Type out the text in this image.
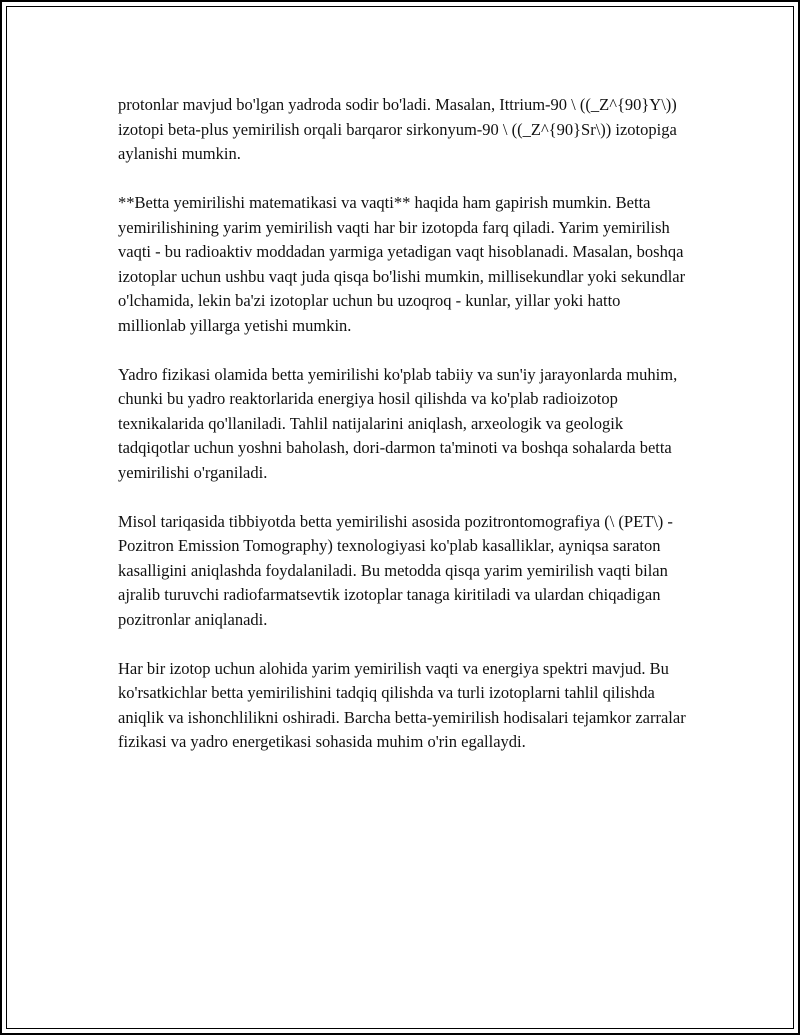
protonlar mavjud bo'lgan yadroda sodir bo'ladi. Masalan, Ittrium-90 \ ((_Z^{90}Y\)) izotopi beta-plus yemirilish orqali barqaror sirkonyum-90 \ ((_Z^{90}Sr\)) izotopiga aylanishi mumkin.

**Betta yemirilishi matematikasi va vaqti** haqida ham gapirish mumkin. Betta yemirilishining yarim yemirilish vaqti har bir izotopda farq qiladi. Yarim yemirilish vaqti - bu radioaktiv moddadan yarmiga yetadigan vaqt hisoblanadi. Masalan, boshqa izotoplar uchun ushbu vaqt juda qisqa bo'lishi mumkin, millisekundlar yoki sekundlar o'lchamida, lekin ba'zi izotoplar uchun bu uzoqroq - kunlar, yillar yoki hatto millionlab yillarga yetishi mumkin.

Yadro fizikasi olamida betta yemirilishi ko'plab tabiiy va sun'iy jarayonlarda muhim, chunki bu yadro reaktorlarida energiya hosil qilishda va ko'plab radioizotop texnikalarida qo'llaniladi. Tahlil natijalarini aniqlash, arxeologik va geologik tadqiqotlar uchun yoshni baholash, dori-darmon ta'minoti va boshqa sohalarda betta yemirilishi o'rganiladi.

Misol tariqasida tibbiyotda betta yemirilishi asosida pozitrontomografiya (\ (PET\) - Pozitron Emission Tomography) texnologiyasi ko'plab kasalliklar, ayniqsa saraton kasalligini aniqlashda foydalaniladi. Bu metodda qisqa yarim yemirilish vaqti bilan ajralib turuvchi radiofarmatsevtik izotoplar tanaga kiritiladi va ulardan chiqadigan pozitronlar aniqlanadi.

Har bir izotop uchun alohida yarim yemirilish vaqti va energiya spektri mavjud. Bu ko'rsatkichlar betta yemirilishini tadqiq qilishda va turli izotoplarni tahlil qilishda aniqlik va ishonchlilikni oshiradi. Barcha betta-yemirilish hodisalari tejamkor zarralar fizikasi va yadro energetikasi sohasida muhim o'rin egallaydi.
